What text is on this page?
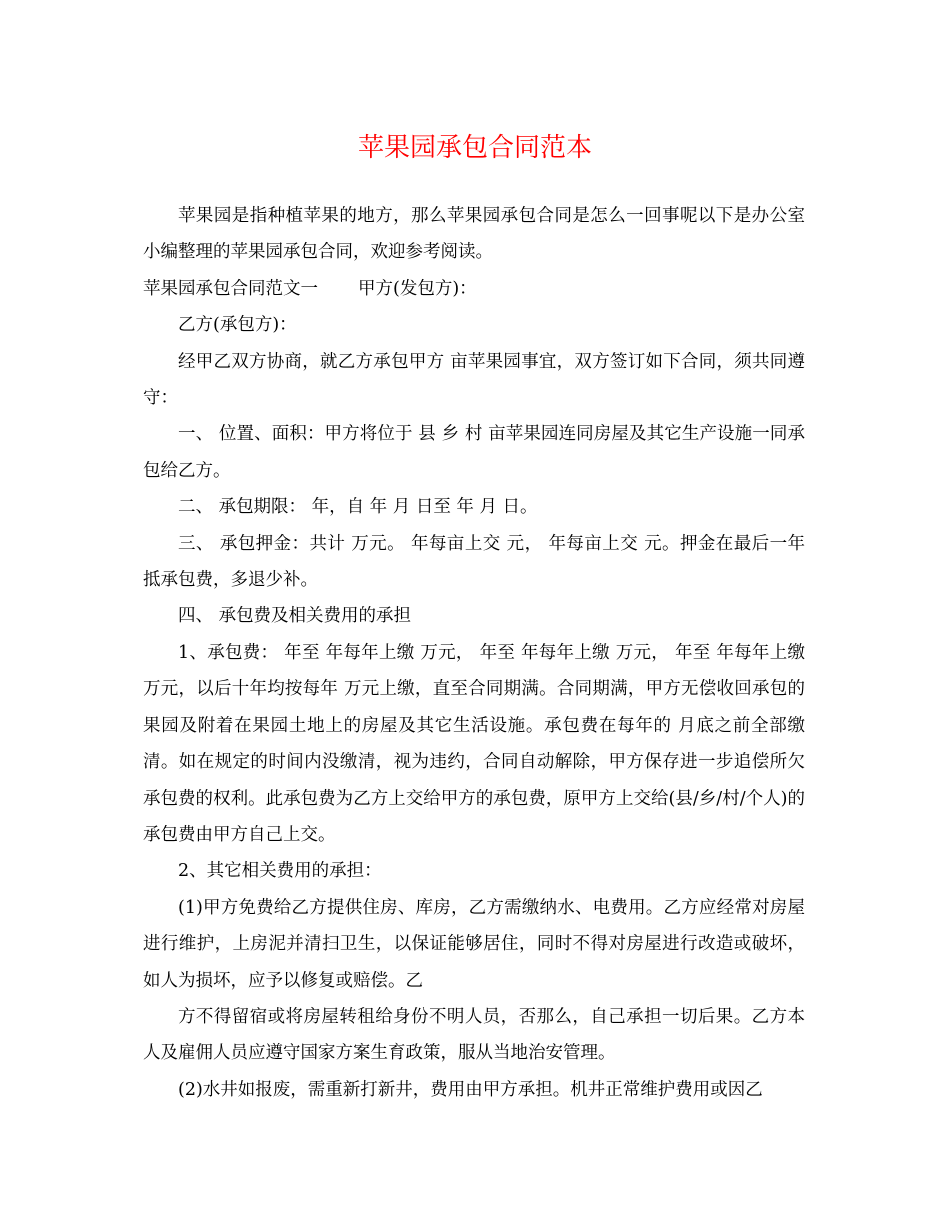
苹果园承包合同范本

苹果园是指种植苹果的地方，那么苹果园承包合同是怎么一回事呢以下是办公室小编整理的苹果园承包合同，欢迎参考阅读。

苹果园承包合同范文一 甲方(发包方)：

乙方(承包方)：

经甲乙双方协商，就乙方承包甲方 亩苹果园事宜，双方签订如下合同，须共同遵守：

一、 位置、面积：甲方将位于 县 乡 村 亩苹果园连同房屋及其它生产设施一同承包给乙方。

二、 承包期限： 年，自 年 月 日至 年 月 日。

三、 承包押金：共计 万元。 年每亩上交 元， 年每亩上交 元。押金在最后一年抵承包费，多退少补。

四、 承包费及相关费用的承担

1、承包费： 年至 年每年上缴 万元， 年至 年每年上缴 万元， 年至 年每年上缴 万元，以后十年均按每年 万元上缴，直至合同期满。合同期满，甲方无偿收回承包的果园及附着在果园土地上的房屋及其它生活设施。承包费在每年的 月底之前全部缴清。如在规定的时间内没缴清，视为违约，合同自动解除，甲方保存进一步追偿所欠承包费的权利。此承包费为乙方上交给甲方的承包费，原甲方上交给(县/乡/村/个人)的承包费由甲方自己上交。

2、其它相关费用的承担：

(1)甲方免费给乙方提供住房、库房，乙方需缴纳水、电费用。乙方应经常对房屋进行维护，上房泥并清扫卫生，以保证能够居住，同时不得对房屋进行改造或破坏，如人为损坏，应予以修复或赔偿。乙

方不得留宿或将房屋转租给身份不明人员，否那么，自己承担一切后果。乙方本人及雇佣人员应遵守国家方案生育政策，服从当地治安管理。

(2)水井如报废，需重新打新井，费用由甲方承担。机井正常维护费用或因乙
